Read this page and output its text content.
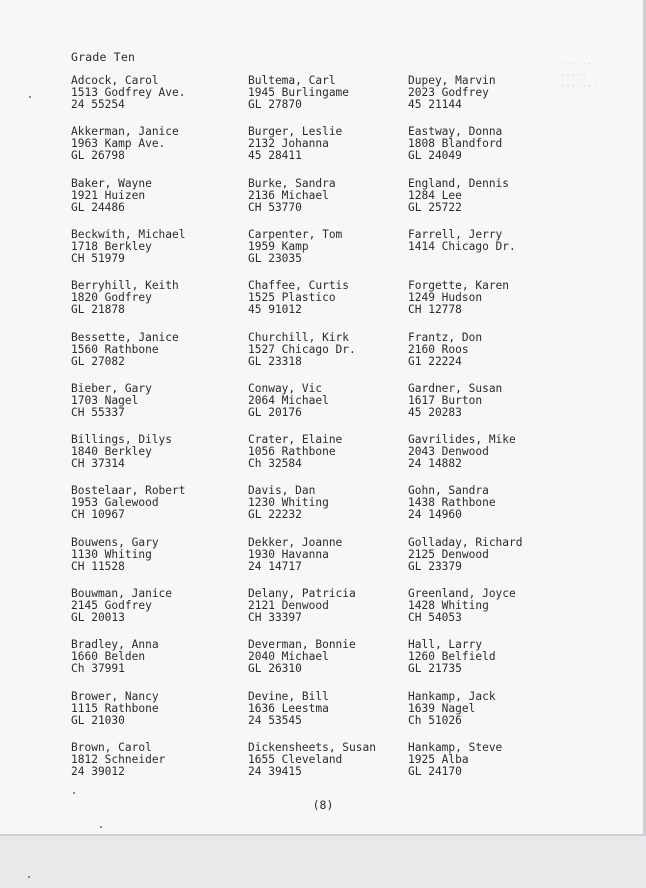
·······
·····
·······
Grade Ten
Adcock, Carol
1513 Godfrey Ave.
24 55254
Akkerman, Janice
1963 Kamp Ave.
GL 26798
Baker, Wayne
1921 Huizen
GL 24486
Beckwith, Michael
1718 Berkley
CH 51979
Berryhill, Keith
1820 Godfrey
GL 21878
Bessette, Janice
1560 Rathbone
GL 27082
Bieber, Gary
1703 Nagel
CH 55337
Billings, Dilys
1840 Berkley
CH 37314
Bostelaar, Robert
1953 Galewood
CH 10967
Bouwens, Gary
1130 Whiting
CH 11528
Bouwman, Janice
2145 Godfrey
GL 20013
Bradley, Anna
1660 Belden
Ch 37991
Brower, Nancy
1115 Rathbone
GL 21030
Brown, Carol
1812 Schneider
24 39012
Bultema, Carl
1945 Burlingame
GL 27870
Burger, Leslie
2132 Johanna
45 28411
Burke, Sandra
2136 Michael
CH 53770
Carpenter, Tom
1959 Kamp
GL 23035
Chaffee, Curtis
1525 Plastico
45 91012
Churchill, Kirk
1527 Chicago Dr.
GL 23318
Conway, Vic
2064 Michael
GL 20176
Crater, Elaine
1056 Rathbone
Ch 32584
Davis, Dan
1230 Whiting
GL 22232
Dekker, Joanne
1930 Havanna
24 14717
Delany, Patricia
2121 Denwood
CH 33397
Deverman, Bonnie
2040 Michael
GL 26310
Devine, Bill
1636 Leestma
24 53545
Dickensheets, Susan
1655 Cleveland
24 39415
Dupey, Marvin
2023 Godfrey
45 21144
Eastway, Donna
1808 Blandford
GL 24049
England, Dennis
1284 Lee
GL 25722
Farrell, Jerry
1414 Chicago Dr.
Forgette, Karen
1249 Hudson
CH 12778
Frantz, Don
2160 Roos
G1 22224
Gardner, Susan
1617 Burton
45 20283
Gavrilides, Mike
2043 Denwood
24 14882
Gohn, Sandra
1438 Rathbone
24 14960
Golladay, Richard
2125 Denwood
GL 23379
Greenland, Joyce
1428 Whiting
CH 54053
Hall, Larry
1260 Belfield
GL 21735
Hankamp, Jack
1639 Nagel
Ch 51026
Hankamp, Steve
1925 Alba
GL 24170
(8)
